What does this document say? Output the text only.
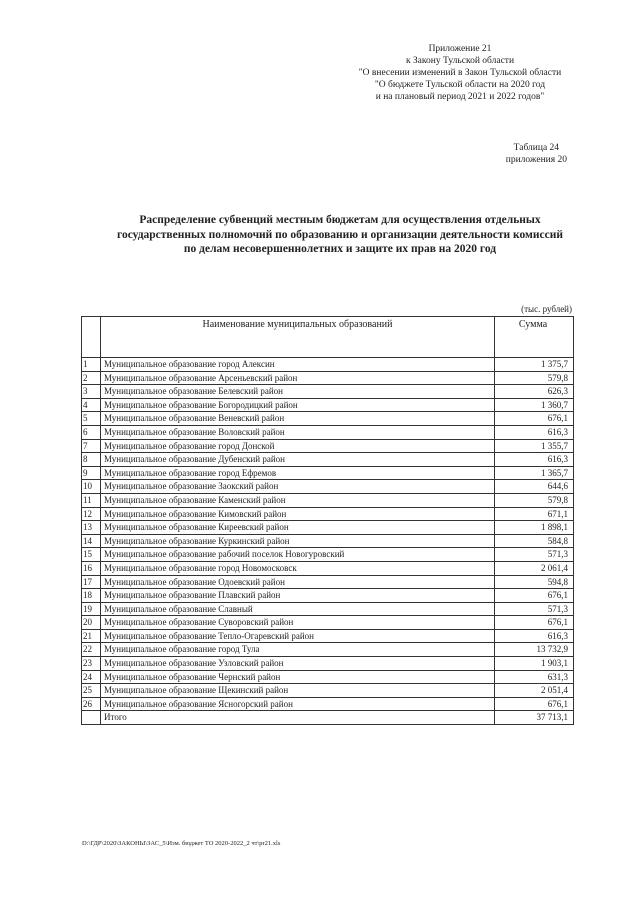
Приложение 21
к Закону Тульской области
"О внесении изменений в Закон Тульской области
"О бюджете Тульской области на 2020 год
и на плановый период 2021 и 2022 годов"
Таблица 24
приложения 20
Распределение субвенций местным бюджетам для осуществления отдельных
государственных полномочий по образованию и организации деятельности комиссий
по делам несовершеннолетних и защите их прав на 2020 год
(тыс. рублей)
	Наименование муниципальных образований	Сумма
1	Муниципальное образование город Алексин	1 375,7
2	Муниципальное образование Арсеньевский район	579,8
3	Муниципальное образование Белевский район	626,3
4	Муниципальное образование Богородицкий район	1 360,7
5	Муниципальное образование Веневский район	676,1
6	Муниципальное образование Воловский район	616,3
7	Муниципальное образование город Донской	1 355,7
8	Муниципальное образование Дубенский район	616,3
9	Муниципальное образование город Ефремов	1 365,7
10	Муниципальное образование Заокский район	644,6
11	Муниципальное образование Каменский район	579,8
12	Муниципальное образование Кимовский район	671,1
13	Муниципальное образование Киреевский район	1 898,1
14	Муниципальное образование Куркинский район	584,8
15	Муниципальное образование рабочий поселок Новогуровский	571,3
16	Муниципальное образование город Новомосковск	2 061,4
17	Муниципальное образование Одоевский район	594,8
18	Муниципальное образование Плавский район	676,1
19	Муниципальное образование Славный	571,3
20	Муниципальное образование Суворовский район	676,1
21	Муниципальное образование Тепло-Огаревский район	616,3
22	Муниципальное образование город Тула	13 732,9
23	Муниципальное образование Узловский район	1 903,1
24	Муниципальное образование Чернский район	631,3
25	Муниципальное образование Щекинский район	2 051,4
26	Муниципальное образование Ясногорский район	676,1
	Итого	37 713,1
D:\ГДР\2020\ЗАКОНЫ\ЗАС_5\Изм. бюджет ТО 2020-2022_2 чт\pr21.xls
